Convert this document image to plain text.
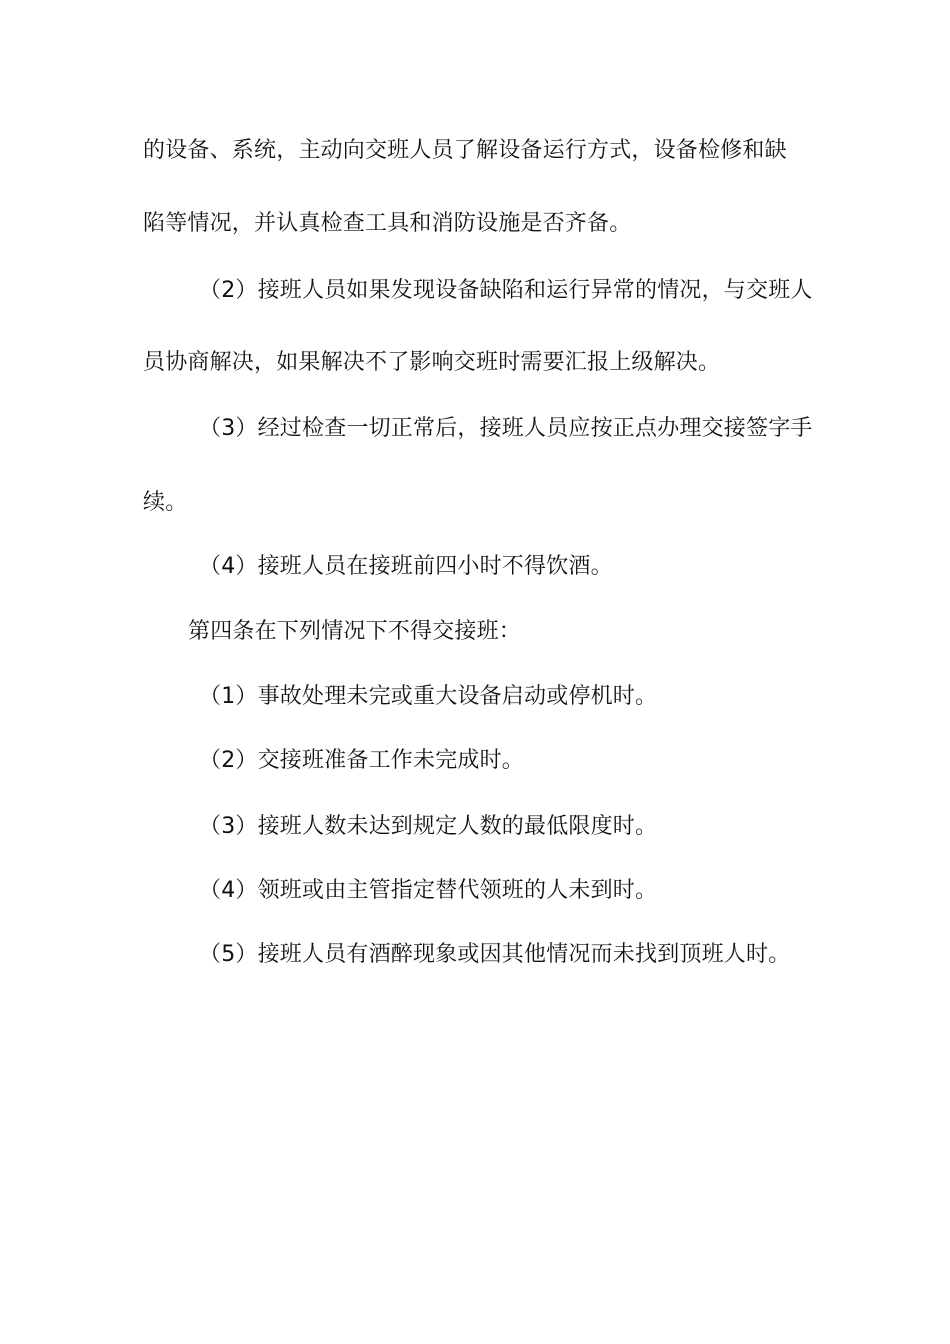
的设备、系统，主动向交班人员了解设备运行方式，设备检修和缺
陷等情况，并认真检查工具和消防设施是否齐备。
（2）接班人员如果发现设备缺陷和运行异常的情况，与交班人
员协商解决，如果解决不了影响交班时需要汇报上级解决。
（3）经过检查一切正常后，接班人员应按正点办理交接签字手
续。
（4）接班人员在接班前四小时不得饮酒。
第四条在下列情况下不得交接班：
（1）事故处理未完或重大设备启动或停机时。
（2）交接班准备工作未完成时。
（3）接班人数未达到规定人数的最低限度时。
（4）领班或由主管指定替代领班的人未到时。
（5）接班人员有酒醉现象或因其他情况而未找到顶班人时。
